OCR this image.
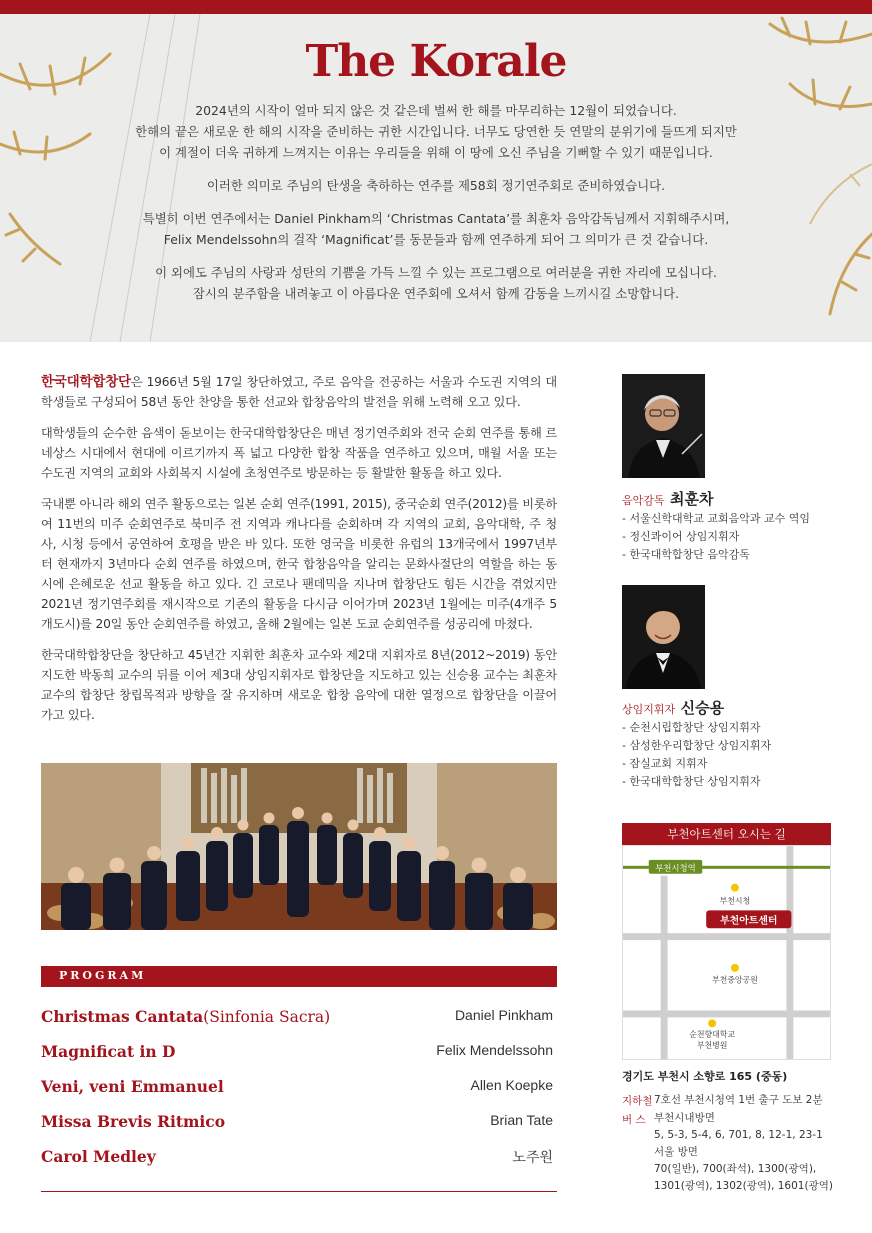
The Korale

2024년의 시작이 얼마 되지 않은 것 같은데 벌써 한 해를 마무리하는 12월이 되었습니다.
한해의 끝은 새로운 한 해의 시작을 준비하는 귀한 시간입니다. 너무도 당연한 듯 연말의 분위기에 들뜨게 되지만
이 계절이 더욱 귀하게 느껴지는 이유는 우리들을 위해 이 땅에 오신 주님을 기뻐할 수 있기 때문입니다.

이러한 의미로 주님의 탄생을 축하하는 연주를 제58회 정기연주회로 준비하였습니다.

특별히 이번 연주에서는 Daniel Pinkham의 ‘Christmas Cantata’를 최훈차 음악감독님께서 지휘해주시며,
Felix Mendelssohn의 걸작 ‘Magnificat’를 동문들과 함께 연주하게 되어 그 의미가 큰 것 같습니다.

이 외에도 주님의 사랑과 성탄의 기쁨을 가득 느낄 수 있는 프로그램으로 여러분을 귀한 자리에 모십니다.
잠시의 분주함을 내려놓고 이 아름다운 연주회에 오셔서 함께 감동을 느끼시길 소망합니다.

한국대학합창단은 1966년 5월 17일 창단하였고, 주로 음악을 전공하는 서울과 수도권 지역의 대학생들로 구성되어 58년 동안 찬양을 통한 선교와 합창음악의 발전을 위해 노력해 오고 있다.

대학생들의 순수한 음색이 돋보이는 한국대학합창단은 매년 정기연주회와 전국 순회 연주를 통해 르네상스 시대에서 현대에 이르기까지 폭 넓고 다양한 합창 작품을 연주하고 있으며, 매월 서울 또는 수도권 지역의 교회와 사회복지 시설에 초청연주로 방문하는 등 활발한 활동을 하고 있다.

국내뿐 아니라 해외 연주 활동으로는 일본 순회 연주(1991, 2015), 중국순회 연주(2012)를 비롯하여 11번의 미주 순회연주로 북미주 전 지역과 캐나다를 순회하며 각 지역의 교회, 음악대학, 주 청사, 시청 등에서 공연하여 호평을 받은 바 있다. 또한 영국을 비롯한 유럽의 13개국에서 1997년부터 현재까지 3년마다 순회 연주를 하였으며, 한국 합창음악을 알리는 문화사절단의 역할을 하는 동시에 은혜로운 선교 활동을 하고 있다. 긴 코로나 팬데믹을 지나며 합창단도 힘든 시간을 겪었지만 2021년 정기연주회를 재시작으로 기존의 활동을 다시금 이어가며 2023년 1월에는 미주(4개주 5개도시)를 20일 동안 순회연주를 하였고, 올해 2월에는 일본 도쿄 순회연주를 성공리에 마쳤다.

한국대학합창단을 창단하고 45년간 지휘한 최훈차 교수와 제2대 지휘자로 8년(2012~2019) 동안 지도한 박동희 교수의 뒤를 이어 제3대 상임지휘자로 합창단을 지도하고 있는 신승용 교수는 최훈차 교수의 합창단 창립목적과 방향을 잘 유지하며 새로운 합창 음악에 대한 열정으로 합창단을 이끌어 가고 있다.

PROGRAM
Christmas Cantata(Sinfonia Sacra)	Daniel Pinkham
Magnificat in D	Felix Mendelssohn
Veni, veni Emmanuel	Allen Koepke
Missa Brevis Ritmico	Brian Tate
Carol Medley	노주원
음악감독 최훈차
- 서울신학대학교 교회음악과 교수 역임
- 정신콰이어 상임지휘자
- 한국대학합창단 음악감독
상임지휘자 신승용
- 순천시립합창단 상임지휘자
- 삼성한우리합창단 상임지휘자
- 잠실교회 지휘자
- 한국대학합창단 상임지휘자
부천아트센터 오시는 길
부천시청역
부천시청
부천아트센터
부천중앙공원
순천향대학교
부천병원
경기도 부천시 소향로 165 (중동)
지하철 7호선 부천시청역 1번 출구 도보 2분
버 스 부천시내방면
5, 5-3, 5-4, 6, 701, 8, 12-1, 23-1
서울 방면
70(일반), 700(좌석), 1300(광역),
1301(광역), 1302(광역), 1601(광역)
